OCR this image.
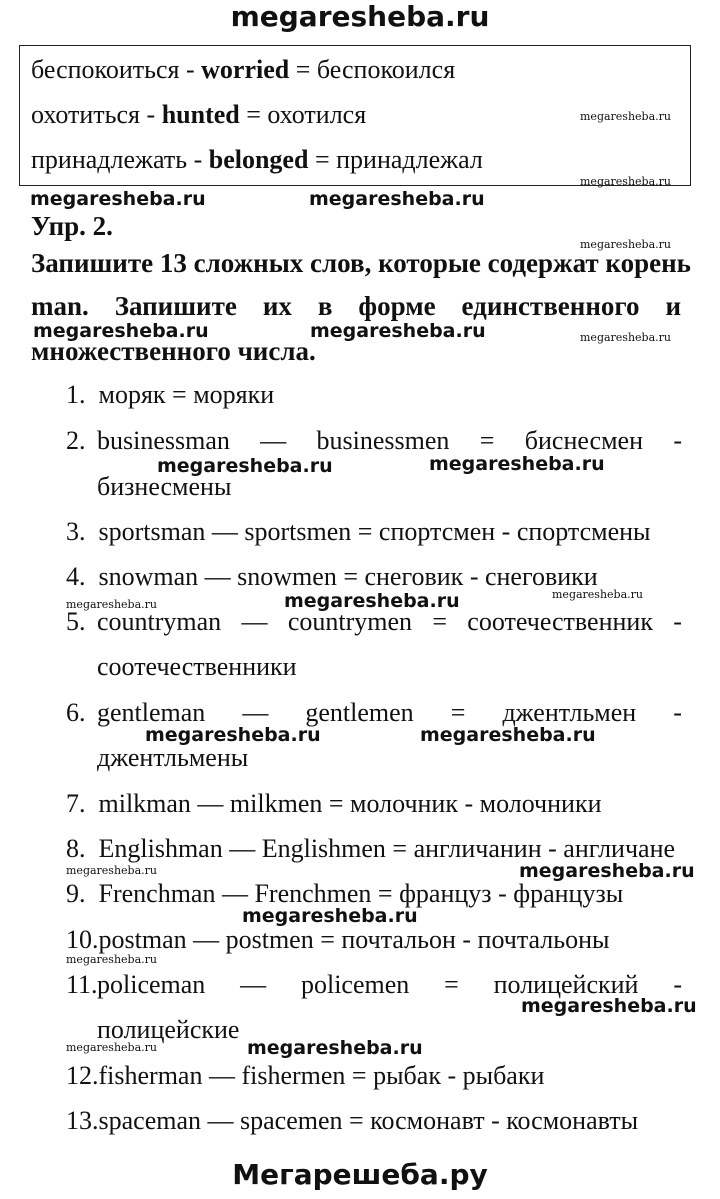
megaresheba.ru
Мегарешеба.ру
беспокоиться - worried = беспокоился
охотиться - hunted = охотился
принадлежать - belonged = принадлежал
Упр. 2.
Запишите 13 сложных слов, которые содержат корень
man. Запишите их в форме единственного и
множественного числа.
1. моряк = моряки
2. businessman — businessmen = биснесмен -
бизнесмены
3. sportsman — sportsmen = спортсмен - спортсмены
4. snowman — snowmen = снеговик - снеговики
5. countryman — countrymen = соотечественник -
соотечественники
6. gentleman — gentlemen = джентльмен -
джентльмены
7. milkman — milkmen = молочник - молочники
8. Englishman — Englishmen = англичанин - англичане
9. Frenchman — Frenchmen = француз - французы
10.postman — postmen = почтальон - почтальоны
11. policeman — policemen = полицейский -
полицейские
12.fisherman — fishermen = рыбак - рыбаки
13.spaceman — spacemen = космонавт - космонавты
megaresheba.ru	megaresheba.ru
megaresheba.ru	megaresheba.ru
megaresheba.ru	megaresheba.ru
megaresheba.ru
megaresheba.ru	megaresheba.ru
megaresheba.ru
megaresheba.ru
megaresheba.ru
megaresheba.ru
megaresheba.ru
megaresheba.ru
megaresheba.ru
megaresheba.ru
megaresheba.ru
megaresheba.ru
megaresheba.ru
megaresheba.ru
megaresheba.ru
